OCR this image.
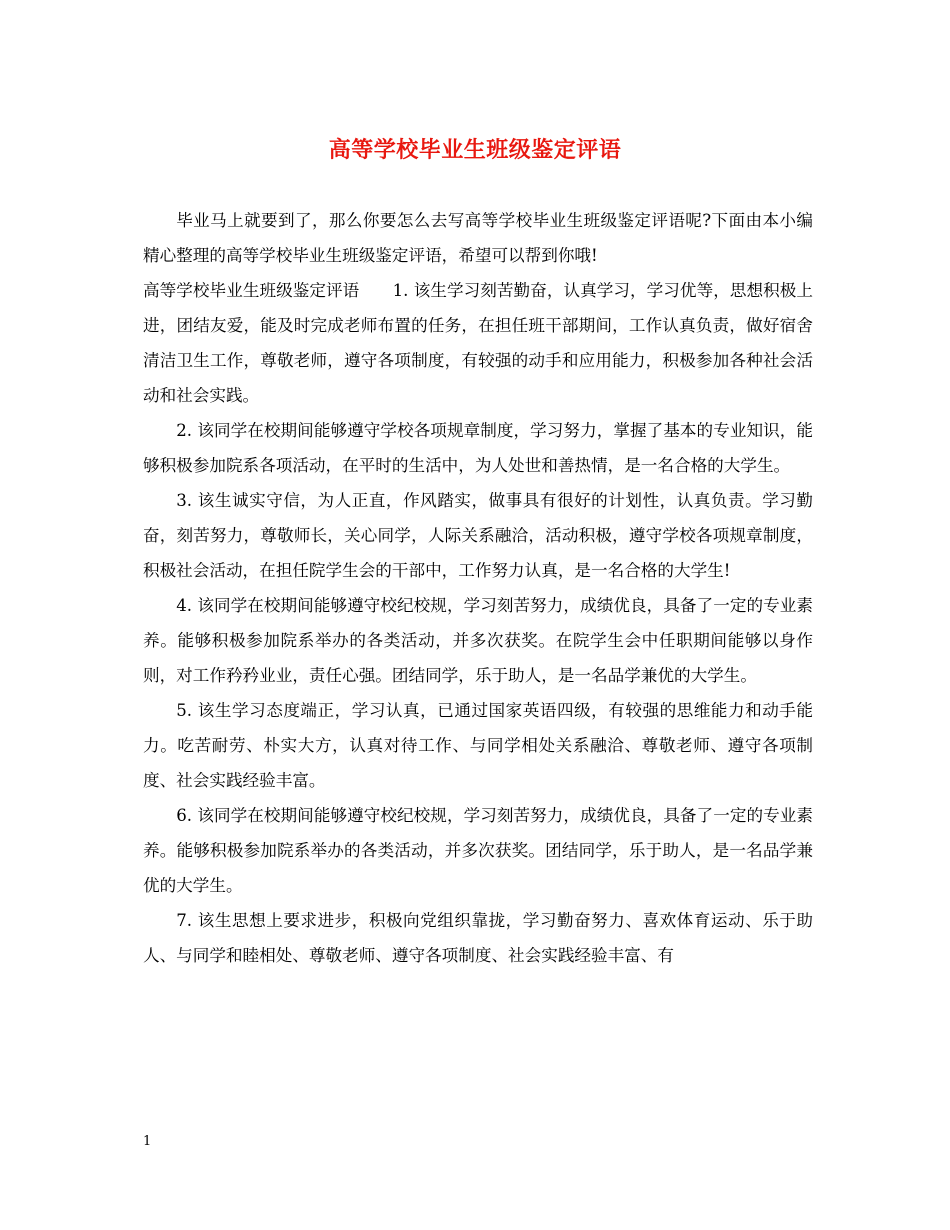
高等学校毕业生班级鉴定评语

毕业马上就要到了，那么你要怎么去写高等学校毕业生班级鉴定评语呢?下面由本小编精心整理的高等学校毕业生班级鉴定评语，希望可以帮到你哦!

高等学校毕业生班级鉴定评语　　1. 该生学习刻苦勤奋，认真学习，学习优等，思想积极上进，团结友爱，能及时完成老师布置的任务，在担任班干部期间，工作认真负责，做好宿舍清洁卫生工作，尊敬老师，遵守各项制度，有较强的动手和应用能力，积极参加各种社会活动和社会实践。

2. 该同学在校期间能够遵守学校各项规章制度，学习努力，掌握了基本的专业知识，能够积极参加院系各项活动，在平时的生活中，为人处世和善热情，是一名合格的大学生。

3. 该生诚实守信，为人正直，作风踏实，做事具有很好的计划性，认真负责。学习勤奋，刻苦努力，尊敬师长，关心同学，人际关系融洽，活动积极，遵守学校各项规章制度，积极社会活动，在担任院学生会的干部中，工作努力认真，是一名合格的大学生!

4. 该同学在校期间能够遵守校纪校规，学习刻苦努力，成绩优良，具备了一定的专业素养。能够积极参加院系举办的各类活动，并多次获奖。在院学生会中任职期间能够以身作则，对工作矜矜业业，责任心强。团结同学，乐于助人，是一名品学兼优的大学生。

5. 该生学习态度端正，学习认真，已通过国家英语四级，有较强的思维能力和动手能力。吃苦耐劳、朴实大方，认真对待工作、与同学相处关系融洽、尊敬老师、遵守各项制度、社会实践经验丰富。

6. 该同学在校期间能够遵守校纪校规，学习刻苦努力，成绩优良，具备了一定的专业素养。能够积极参加院系举办的各类活动，并多次获奖。团结同学，乐于助人，是一名品学兼优的大学生。

7. 该生思想上要求进步，积极向党组织靠拢，学习勤奋努力、喜欢体育运动、乐于助人、与同学和睦相处、尊敬老师、遵守各项制度、社会实践经验丰富、有

1
